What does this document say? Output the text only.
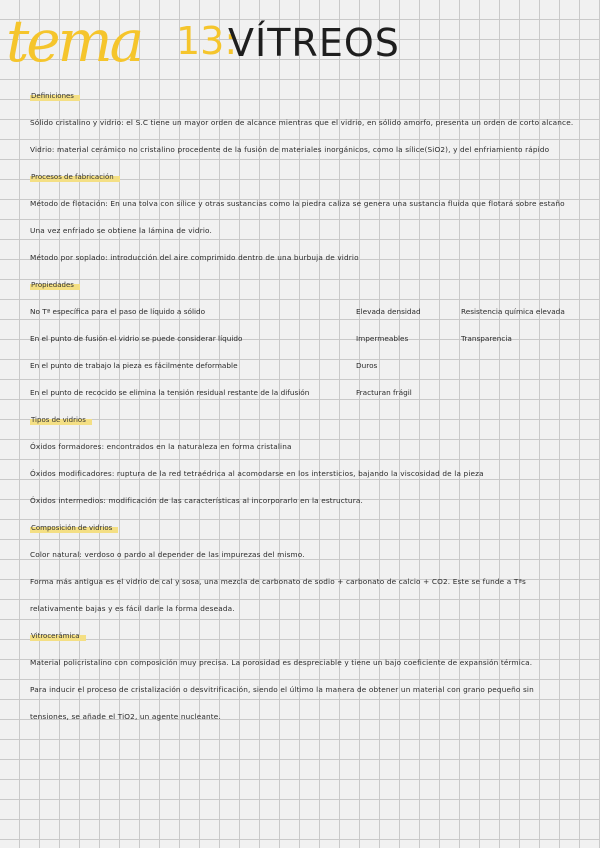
tema 13:
VÍTREOS
Definiciones
Sólido cristalino y vidrio: el S.C tiene un mayor orden de alcance mientras que el vidrio, en sólido amorfo, presenta un orden de corto alcance.
Vidrio: material cerámico no cristalino procedente de la fusión de materiales inorgánicos, como la sílice(SiO2), y del enfriamiento rápido
Procesos de fabricación
Método de flotación: En una tolva con sílice y otras sustancias como la piedra caliza se genera una sustancia fluida que flotará sobre estaño
Una vez enfriado se obtiene la lámina de vidrio.
Método por soplado: introducción del aire comprimido dentro de una burbuja de vidrio
Propiedades
No Tª específica para el paso de líquido a sólido
En el punto de fusión el vidrio se puede considerar líquido
En el punto de trabajo la pieza es fácilmente deformable
En el punto de recocido se elimina la tensión residual restante de la difusión
Elevada densidad
Impermeables
Duros
Fracturan frágil
Resistencia química elevada
Transparencia
Tipos de vidrios
Óxidos formadores: encontrados en la naturaleza en forma cristalina
Óxidos modificadores: ruptura de la red tetraédrica al acomodarse en los intersticios, bajando la viscosidad de la pieza
Óxidos intermedios: modificación de las características al incorporarlo en la estructura.
Composición de vidrios
Color natural: verdoso o pardo al depender de las impurezas del mismo.
Forma más antigua es el vidrio de cal y sosa, una mezcla de carbonato de sodio + carbonato de calcio + CO2. Este se funde a Tªs
relativamente bajas y es fácil darle la forma deseada.
Vitrocerámica
Material policristalino con composición muy precisa. La porosidad es despreciable y tiene un bajo coeficiente de expansión térmica.
Para inducir el proceso de cristalización o desvitrificación, siendo el último la manera de obtener un material con grano pequeño sin
tensiones, se añade el TiO2, un agente nucleante.
